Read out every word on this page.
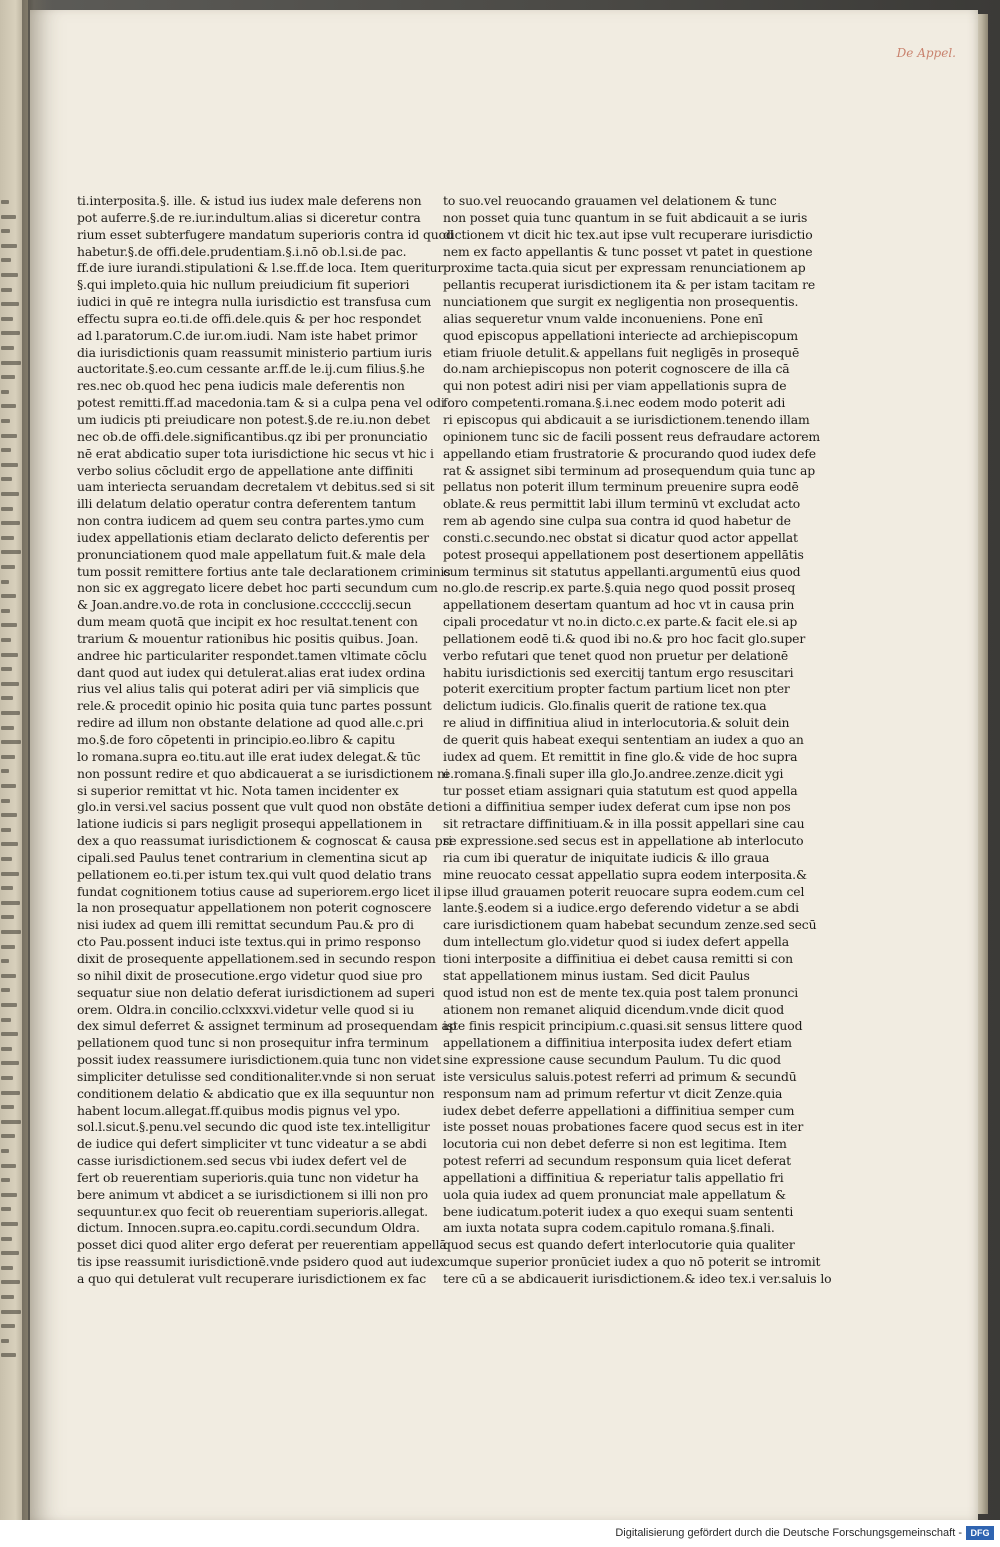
De Appel.

ti.interposita.§. ille. & istud ius iudex male deferens non
pot auferre.§.de re.iur.indultum.alias si diceretur contra
rium esset subterfugere mandatum superioris contra id quod
habetur.§.de offi.dele.prudentiam.§.i.nō ob.l.si.de pac.
ff.de iure iurandi.stipulationi & l.se.ff.de loca. Item queritur
§.qui impleto.quia hic nullum preiudicium fit superiori
iudici in quē re integra nulla iurisdictio est transfusa cum
effectu supra eo.ti.de offi.dele.quis & per hoc respondet
ad l.paratorum.C.de iur.om.iudi. Nam iste habet primor
dia iurisdictionis quam reassumit ministerio partium iuris
auctoritate.§.eo.cum cessante ar.ff.de le.ij.cum filius.§.he
res.nec ob.quod hec pena iudicis male deferentis non
potest remitti.ff.ad macedonia.tam & si a culpa pena vel odi
um iudicis pti preiudicare non potest.§.de re.iu.non debet
nec ob.de offi.dele.significantibus.qz ibi per pronunciatio
nē erat abdicatio super tota iurisdictione hic secus vt hic i
verbo solius cōcludit ergo de appellatione ante diffiniti
uam interiecta seruandam decretalem vt debitus.sed si sit
illi delatum delatio operatur contra deferentem tantum
non contra iudicem ad quem seu contra partes.ymo cum
iudex appellationis etiam declarato delicto deferentis per
pronunciationem quod male appellatum fuit.& male dela
tum possit remittere fortius ante tale declarationem criminis
non sic ex aggregato licere debet hoc parti secundum cum
& Joan.andre.vo.de rota in conclusione.cccccclij.secun
dum meam quotā que incipit ex hoc resultat.tenent con
trarium & mouentur rationibus hic positis quibus. Joan.
andree hic particulariter respondet.tamen vltimate cōclu
dant quod aut iudex qui detulerat.alias erat iudex ordina
rius vel alius talis qui poterat adiri per viā simplicis que
rele.& procedit opinio hic posita quia tunc partes possunt
redire ad illum non obstante delatione ad quod alle.c.pri
mo.§.de foro cōpetenti in principio.eo.libro & capitu
lo romana.supra eo.titu.aut ille erat iudex delegat.& tūc
non possunt redire et quo abdicauerat a se iurisdictionem ni
si superior remittat vt hic. Nota tamen incidenter ex
glo.in versi.vel sacius possent que vult quod non obstāte de
latione iudicis si pars negligit prosequi appellationem in
dex a quo reassumat iurisdictionem & cognoscat & causa pri
cipali.sed Paulus tenet contrarium in clementina sicut ap
pellationem eo.ti.per istum tex.qui vult quod delatio trans
fundat cognitionem totius cause ad superiorem.ergo licet il
la non prosequatur appellationem non poterit cognoscere
nisi iudex ad quem illi remittat secundum Pau.& pro di
cto Pau.possent induci iste textus.qui in primo responso
dixit de prosequente appellationem.sed in secundo respon
so nihil dixit de prosecutione.ergo videtur quod siue pro
sequatur siue non delatio deferat iurisdictionem ad superi
orem. Oldra.in concilio.cclxxxvi.videtur velle quod si iu
dex simul deferret & assignet terminum ad prosequendam ap
pellationem quod tunc si non prosequitur infra terminum
possit iudex reassumere iurisdictionem.quia tunc non videt
simpliciter detulisse sed conditionaliter.vnde si non seruat
conditionem delatio & abdicatio que ex illa sequuntur non
habent locum.allegat.ff.quibus modis pignus vel ypo.
sol.l.sicut.§.penu.vel secundo dic quod iste tex.intelligitur
de iudice qui defert simpliciter vt tunc videatur a se abdi
casse iurisdictionem.sed secus vbi iudex defert vel de
fert ob reuerentiam superioris.quia tunc non videtur ha
bere animum vt abdicet a se iurisdictionem si illi non pro
sequuntur.ex quo fecit ob reuerentiam superioris.allegat.
dictum. Innocen.supra.eo.capitu.cordi.secundum Oldra.
posset dici quod aliter ergo deferat per reuerentiam appellā
tis ipse reassumit iurisdictionē.vnde psidero quod aut iudex
a quo qui detulerat vult recuperare iurisdictionem ex fac
to suo.vel reuocando grauamen vel delationem & tunc
non posset quia tunc quantum in se fuit abdicauit a se iuris
dictionem vt dicit hic tex.aut ipse vult recuperare iurisdictio
nem ex facto appellantis & tunc posset vt patet in questione
proxime tacta.quia sicut per expressam renunciationem ap
pellantis recuperat iurisdictionem ita & per istam tacitam re
nunciationem que surgit ex negligentia non prosequentis.
alias sequeretur vnum valde inconueniens. Pone enī
quod episcopus appellationi interiecte ad archiepiscopum
etiam friuole detulit.& appellans fuit negligēs in prosequē
do.nam archiepiscopus non poterit cognoscere de illa cā
qui non potest adiri nisi per viam appellationis supra de
foro competenti.romana.§.i.nec eodem modo poterit adi
ri episcopus qui abdicauit a se iurisdictionem.tenendo illam
opinionem tunc sic de facili possent reus defraudare actorem
appellando etiam frustratorie & procurando quod iudex defe
rat & assignet sibi terminum ad prosequendum quia tunc ap
pellatus non poterit illum terminum preuenire supra eodē
oblate.& reus permittit labi illum terminū vt excludat acto
rem ab agendo sine culpa sua contra id quod habetur de
consti.c.secundo.nec obstat si dicatur quod actor appellat
potest prosequi appellationem post desertionem appellātis
cum terminus sit statutus appellanti.argumentū eius quod
no.glo.de rescrip.ex parte.§.quia nego quod possit proseq
appellationem desertam quantum ad hoc vt in causa prin
cipali procedatur vt no.in dicto.c.ex parte.& facit ele.si ap
pellationem eodē ti.& quod ibi no.& pro hoc facit glo.super
verbo refutari que tenet quod non pruetur per delationē
habitu iurisdictionis sed exercitij tantum ergo resuscitari
poterit exercitium propter factum partium licet non pter
delictum iudicis. Glo.finalis querit de ratione tex.qua
re aliud in diffinitiua aliud in interlocutoria.& soluit dein
de querit quis habeat exequi sententiam an iudex a quo an
iudex ad quem. Et remittit in fine glo.& vide de hoc supra
e.romana.§.finali super illa glo.Jo.andree.zenze.dicit ygi
tur posset etiam assignari quia statutum est quod appella
tioni a diffinitiua semper iudex deferat cum ipse non pos
sit retractare diffinitiuam.& in illa possit appellari sine cau
se expressione.sed secus est in appellatione ab interlocuto
ria cum ibi queratur de iniquitate iudicis & illo graua
mine reuocato cessat appellatio supra eodem interposita.&
ipse illud grauamen poterit reuocare supra eodem.cum cel
lante.§.eodem si a iudice.ergo deferendo videtur a se abdi
care iurisdictionem quam habebat secundum zenze.sed secū
dum intellectum glo.videtur quod si iudex defert appella
tioni interposite a diffinitiua ei debet causa remitti si con
stat appellationem minus iustam. Sed dicit Paulus
quod istud non est de mente tex.quia post talem pronunci
ationem non remanet aliquid dicendum.vnde dicit quod
iste finis respicit principium.c.quasi.sit sensus littere quod
appellationem a diffinitiua interposita iudex defert etiam
sine expressione cause secundum Paulum. Tu dic quod
iste versiculus saluis.potest referri ad primum & secundū
responsum nam ad primum refertur vt dicit Zenze.quia
iudex debet deferre appellationi a diffinitiua semper cum
iste posset nouas probationes facere quod secus est in iter
locutoria cui non debet deferre si non est legitima. Item
potest referri ad secundum responsum quia licet deferat
appellationi a diffinitiua & reperiatur talis appellatio fri
uola quia iudex ad quem pronunciat male appellatum &
bene iudicatum.poterit iudex a quo exequi suam sententi
am iuxta notata supra codem.capitulo romana.§.finali.
quod secus est quando defert interlocutorie quia qualiter
cumque superior pronūciet iudex a quo nō poterit se intromit
tere cū a se abdicauerit iurisdictionem.& ideo tex.i ver.saluis lo

Digitalisierung gefördert durch die Deutsche Forschungsgemeinschaft - DFG
